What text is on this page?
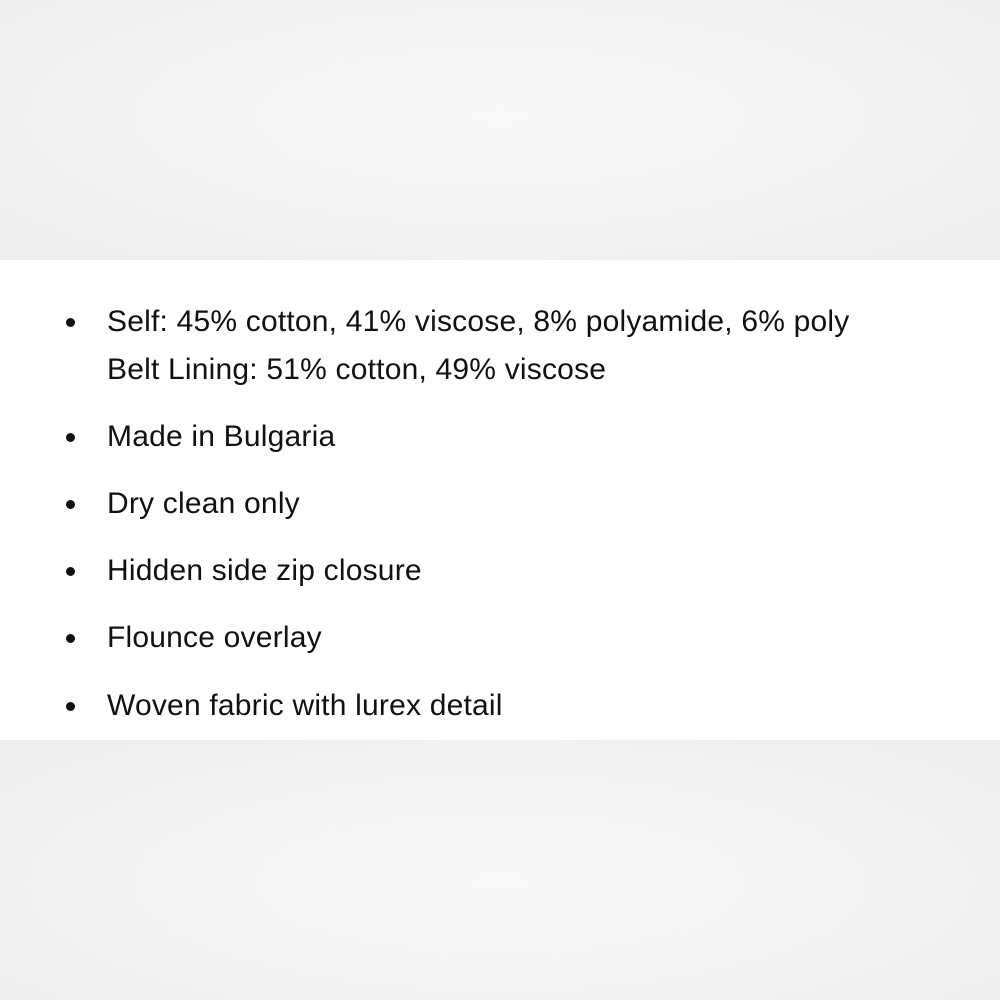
Self: 45% cotton, 41% viscose, 8% polyamide, 6% poly
Belt Lining: 51% cotton, 49% viscose
Made in Bulgaria
Dry clean only
Hidden side zip closure
Flounce overlay
Woven fabric with lurex detail
